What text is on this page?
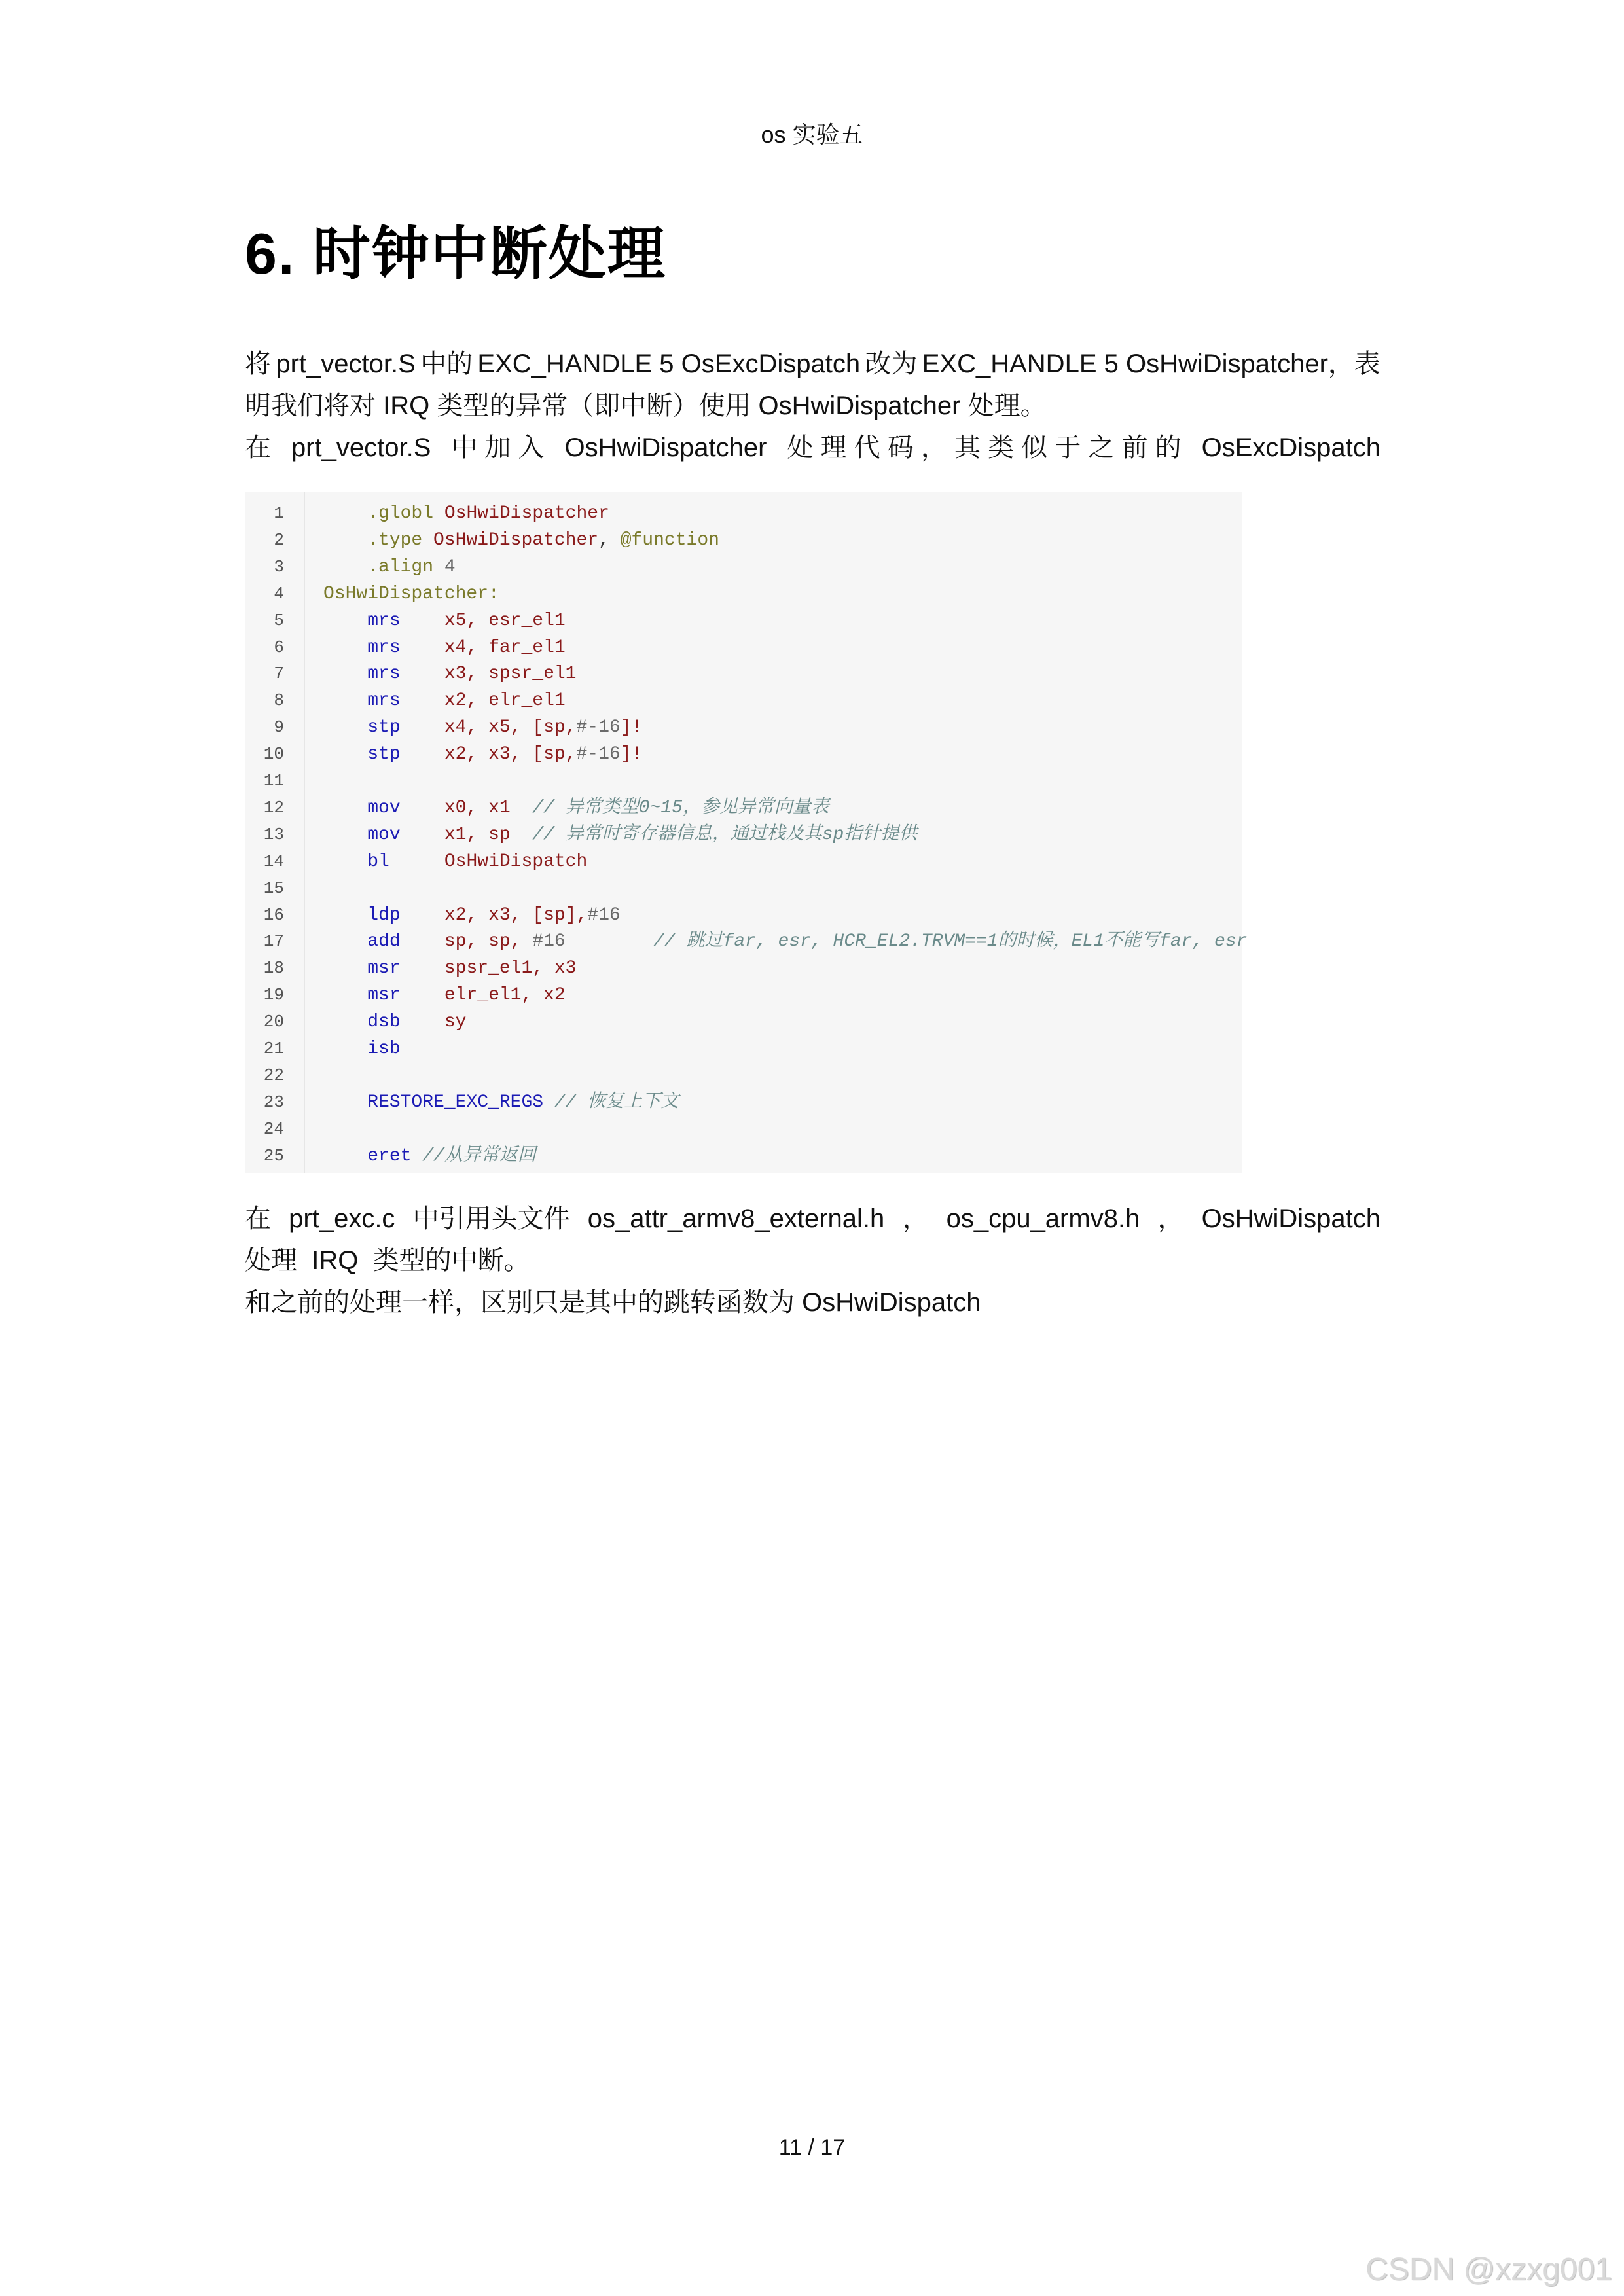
os 实验五
6. 时钟中断处理
将 prt_vector.S 中的 EXC_HANDLE 5 OsExcDispatch 改为 EXC_HANDLE 5 OsHwiDispatcher，表
明我们将对
IRQ
类型的异常（即中断）使用
OsHwiDispatcher
处理。
在 prt_vector.S 中 加 入 OsHwiDispatcher 处 理 代 码 ， 其 类 似 于 之 前 的 OsExcDispatch
1	.globl OsHwiDispatcher
2	.type OsHwiDispatcher, @function
3	.align 4
4 OsHwiDispatcher:
5	mrs    x5, esr_el1
6	mrs    x4, far_el1
7	mrs    x3, spsr_el1
8	mrs    x2, elr_el1
9	stp    x4, x5, [sp,#-16]!
10	stp    x2, x3, [sp,#-16]!
11
12	mov    x0, x1  // 异常类型0~15，参见异常向量表
13	mov    x1, sp  // 异常时寄存器信息，通过栈及其sp指针提供
14	bl     OsHwiDispatch
15
16	ldp    x2, x3, [sp],#16
17	add    sp, sp, #16	// 跳过far, esr, HCR_EL2.TRVM==1的时候，EL1不能写far, esr
18	msr    spsr_el1, x3
19	msr    elr_el1, x2
20	dsb    sy
21	isb
22
23	RESTORE_EXC_REGS // 恢复上下文
24
25	eret //从异常返回
在 prt_exc.c 中引用头文件 os_attr_armv8_external.h ， os_cpu_armv8.h ， OsHwiDispatch
处理  IRQ  类型的中断。
和之前的处理一样，区别只是其中的跳转函数为 OsHwiDispatch
11 / 17
CSDN @xzxg001
